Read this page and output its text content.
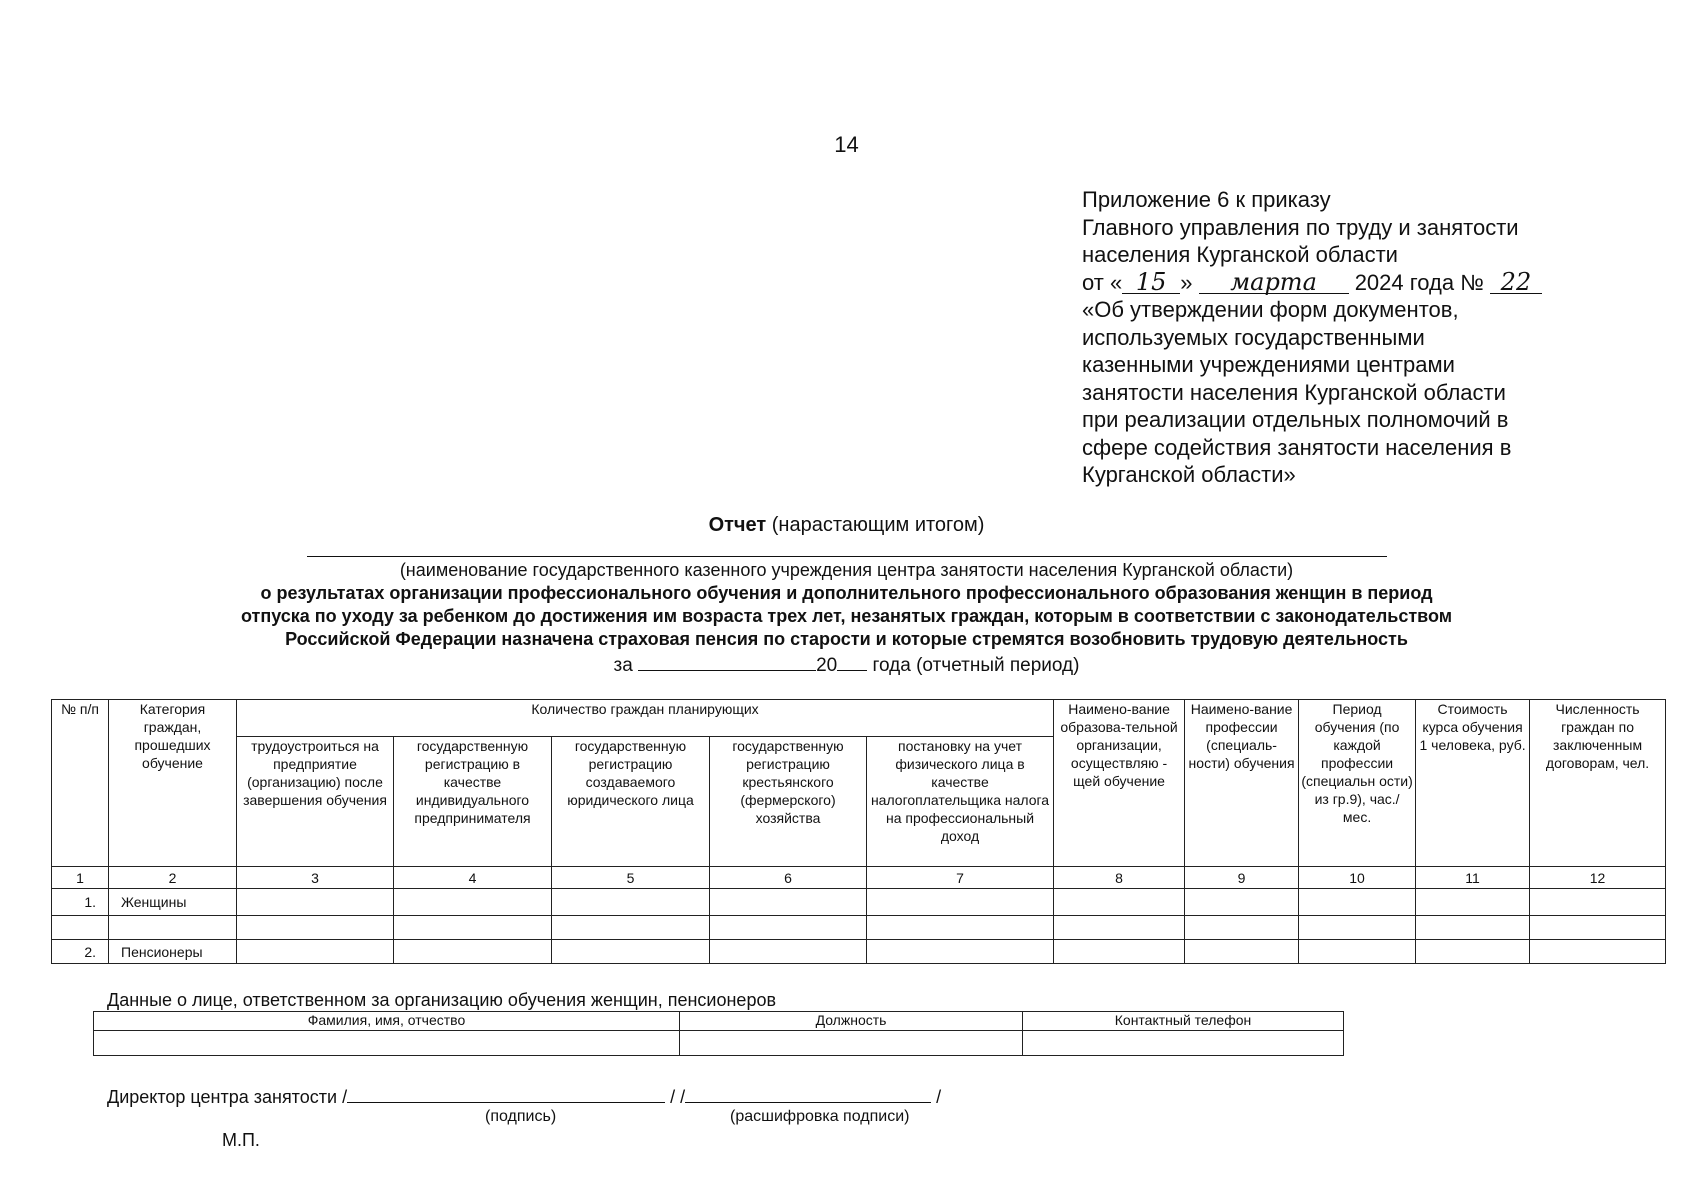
14
Приложение 6 к приказу
Главного управления по труду и занятости
населения Курганской области
от « 15 » марта 2024 года № 22
«Об утверждении форм документов,
используемых государственными
казенными учреждениями центрами
занятости населения Курганской области
при реализации отдельных полномочий в
сфере содействия занятости населения в
Курганской области»
Отчет (нарастающим итогом)
(наименование государственного казенного учреждения центра занятости населения Курганской области)
о результатах организации профессионального обучения и дополнительного профессионального образования женщин в период
отпуска по уходу за ребенком до достижения им возраста трех лет, незанятых граждан, которым в соответствии с законодательством
Российской Федерации назначена страховая пенсия по старости и которые стремятся возобновить трудовую деятельность
за	20 года (отчетный период)
№ п/п	Категория граждан, прошедших обучение	Количество граждан планирующих					Наимено-вание образова-тельной организации, осуществляю - щей обучение	Наимено-вание профессии (специаль-ности) обучения	Период обучения (по каждой профессии (специальн ости) из гр.9), час./мес.	Стоимость курса обучения 1 человека, руб.	Численность граждан по заключенным договорам, чел.
		трудоустроиться на предприятие (организацию) после завершения обучения	государственную регистрацию в качестве индивидуального предпринимателя	государственную регистрацию создаваемого юридического лица	государственную регистрацию крестьянского (фермерского) хозяйства	постановку на учет физического лица в качестве налогоплательщика налога на профессиональный доход					
1	2	3	4	5	6	7	8	9	10	11	12
1.	Женщины										

2.	Пенсионеры										
Данные о лице, ответственном за организацию обучения женщин, пенсионеров
Фамилия, имя, отчество	Должность	Контактный телефон

Директор центра занятости /	/ /	/
(подпись)	(расшифровка подписи)
М.П.
